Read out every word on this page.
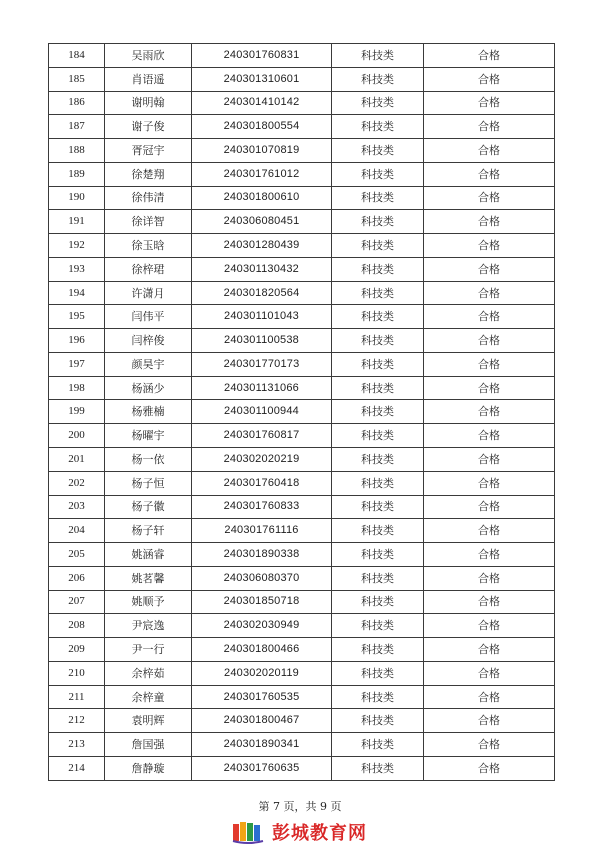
184	吴雨欣	240301760831	科技类	合格
185	肖语遥	240301310601	科技类	合格
186	谢明翰	240301410142	科技类	合格
187	谢子俊	240301800554	科技类	合格
188	胥冠宇	240301070819	科技类	合格
189	徐楚翔	240301761012	科技类	合格
190	徐伟清	240301800610	科技类	合格
191	徐详智	240306080451	科技类	合格
192	徐玉晗	240301280439	科技类	合格
193	徐梓珺	240301130432	科技类	合格
194	许潇月	240301820564	科技类	合格
195	闫伟平	240301101043	科技类	合格
196	闫梓俊	240301100538	科技类	合格
197	颜昊宇	240301770173	科技类	合格
198	杨涵少	240301131066	科技类	合格
199	杨雅楠	240301100944	科技类	合格
200	杨曜宇	240301760817	科技类	合格
201	杨一依	240302020219	科技类	合格
202	杨子恒	240301760418	科技类	合格
203	杨子徽	240301760833	科技类	合格
204	杨子轩	240301761116	科技类	合格
205	姚涵睿	240301890338	科技类	合格
206	姚茗馨	240306080370	科技类	合格
207	姚顺予	240301850718	科技类	合格
208	尹宸逸	240302030949	科技类	合格
209	尹一行	240301800466	科技类	合格
210	余梓茹	240302020119	科技类	合格
211	余梓童	240301760535	科技类	合格
212	袁明辉	240301800467	科技类	合格
213	詹国强	240301890341	科技类	合格
214	詹静璇	240301760635	科技类	合格
第 7 页，共 9 页
彭城教育网
